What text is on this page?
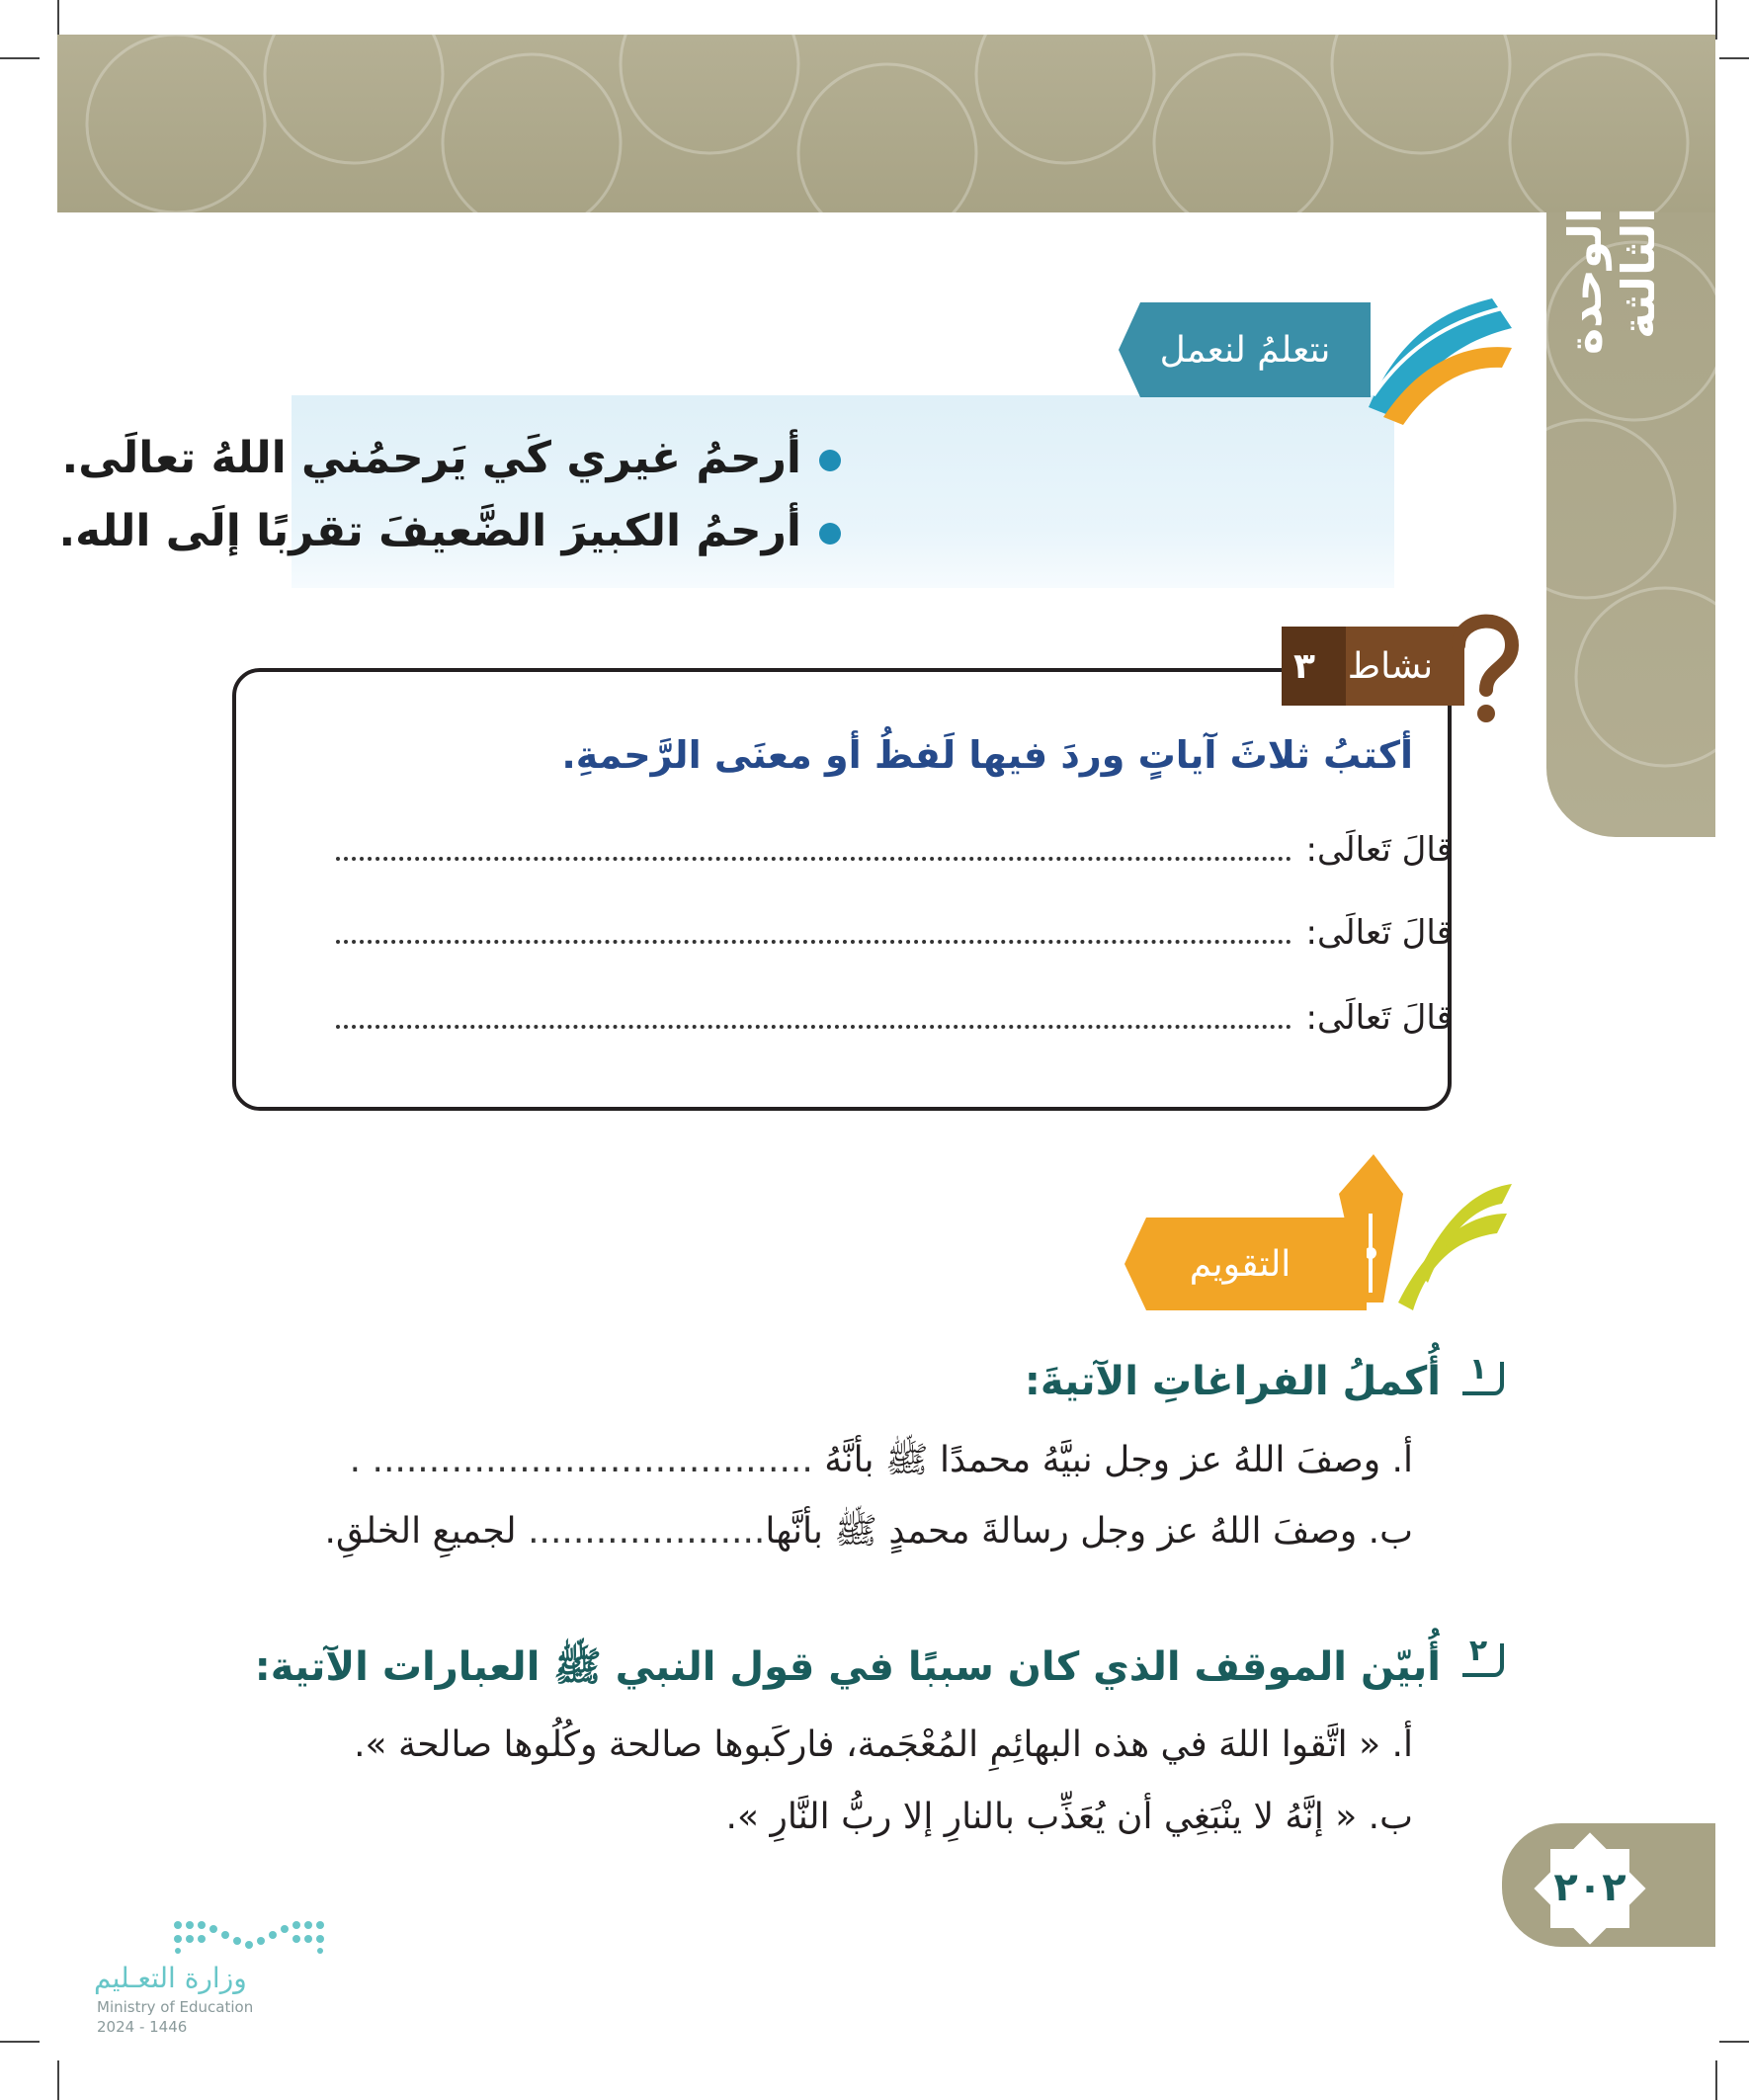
الوحدة الثالثة
أرحمُ غيري كَي يَرحمُني اللهُ تعالَى.
أرحمُ الكبيرَ الضَّعيفَ تقربًا إلَى الله.
نتعلمُ لنعمل
نشاط
٣
أكتبُ ثلاثَ آياتٍ وردَ فيها لَفظُ أو معنَى الرَّحمةِ.
قالَ تَعالَى:
قالَ تَعالَى:
قالَ تَعالَى:
التقويم
١
أُكملُ الفراغاتِ الآتيةَ:
أ. وصفَ اللهُ عز وجل نبيَّهُ محمدًا ﷺ بأنَّهُ ....................................... .
ب. وصفَ اللهُ عز وجل رسالةَ محمدٍ ﷺ بأنَّها..................... لجميعِ الخلقِ.
٢
أُبيّن الموقف الذي كان سببًا في قول النبي ﷺ العبارات الآتية:
أ. « اتَّقوا اللهَ في هذه البهائِمِ المُعْجَمة، فاركَبوها صالحة وكُلُوها صالحة ».
ب. « إنَّهُ لا ينْبَغِي أن يُعَذِّب بالنارِ إلا ربُّ النَّارِ ».
٢٠٢
وزارة التعـليم
Ministry of Education
2024 - 1446
